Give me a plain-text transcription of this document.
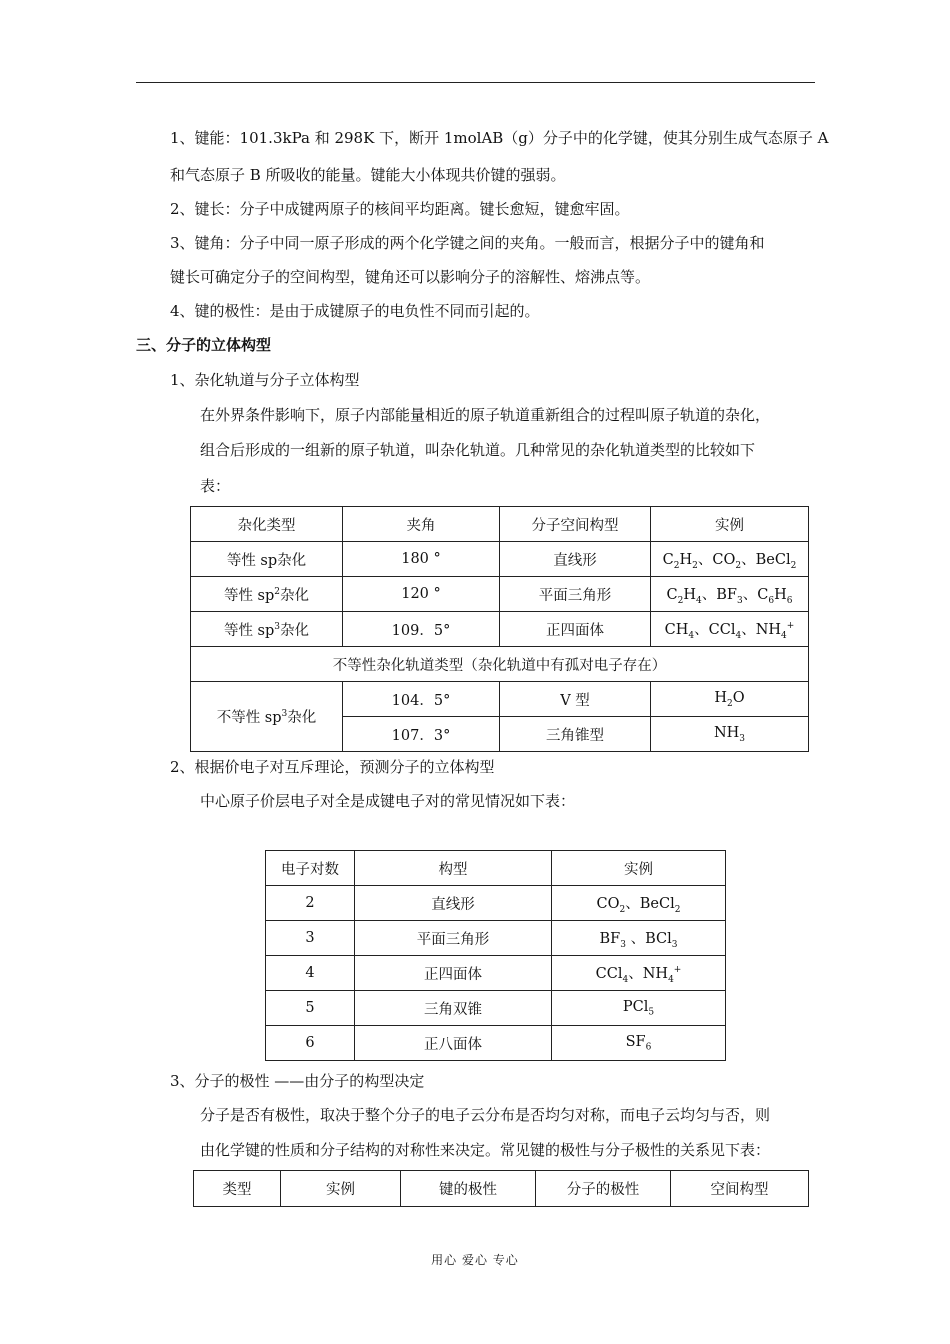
1、键能：101.3kPa 和 298K 下，断开 1molAB（g）分子中的化学键，使其分别生成气态原子 A
和气态原子 B 所吸收的能量。键能大小体现共价键的强弱。
2、键长：分子中成键两原子的核间平均距离。键长愈短，键愈牢固。
3、键角：分子中同一原子形成的两个化学键之间的夹角。一般而言，根据分子中的键角和
键长可确定分子的空间构型，键角还可以影响分子的溶解性、熔沸点等。
4、键的极性：是由于成键原子的电负性不同而引起的。
三、分子的立体构型
1、杂化轨道与分子立体构型
在外界条件影响下，原子内部能量相近的原子轨道重新组合的过程叫原子轨道的杂化，
组合后形成的一组新的原子轨道，叫杂化轨道。几种常见的杂化轨道类型的比较如下
表：
杂化类型	夹角	分子空间构型	实例
等性 sp杂化	180 °	直线形	$C_2H_2$、$CO_2$、BeCl$_2$
等性 $sp^2$杂化	120 °	平面三角形	$C_2H_4$、$BF_3$、$C_6H_6$
等性 $sp^3$杂化	109．5°	正四面体	$CH_4$、CCl$_4$、$NH_4^+$
不等性杂化轨道类型（杂化轨道中有孤对电子存在）			
不等性 $sp^3$杂化	104．5°	V 型	$H_2O$
	107．3°	三角锥型	$NH_3$
2、根据价电子对互斥理论，预测分子的立体构型
中心原子价层电子对全是成键电子对的常见情况如下表：
电子对数	构型	实例
2	直线形	$CO_2$、BeCl$_2$
3	平面三角形	$BF_3$ 、BCl$_3$
4	正四面体	CCl$_4$、$NH_4^+$
5	三角双锥	PCl$_5$
6	正八面体	$SF_6$
3、分子的极性 ——由分子的构型决定
分子是否有极性，取决于整个分子的电子云分布是否均匀对称，而电子云均匀与否，则
由化学键的性质和分子结构的对称性来决定。常见键的极性与分子极性的关系见下表：
类型	实例	键的极性	分子的极性	空间构型
用心 爱心 专心
